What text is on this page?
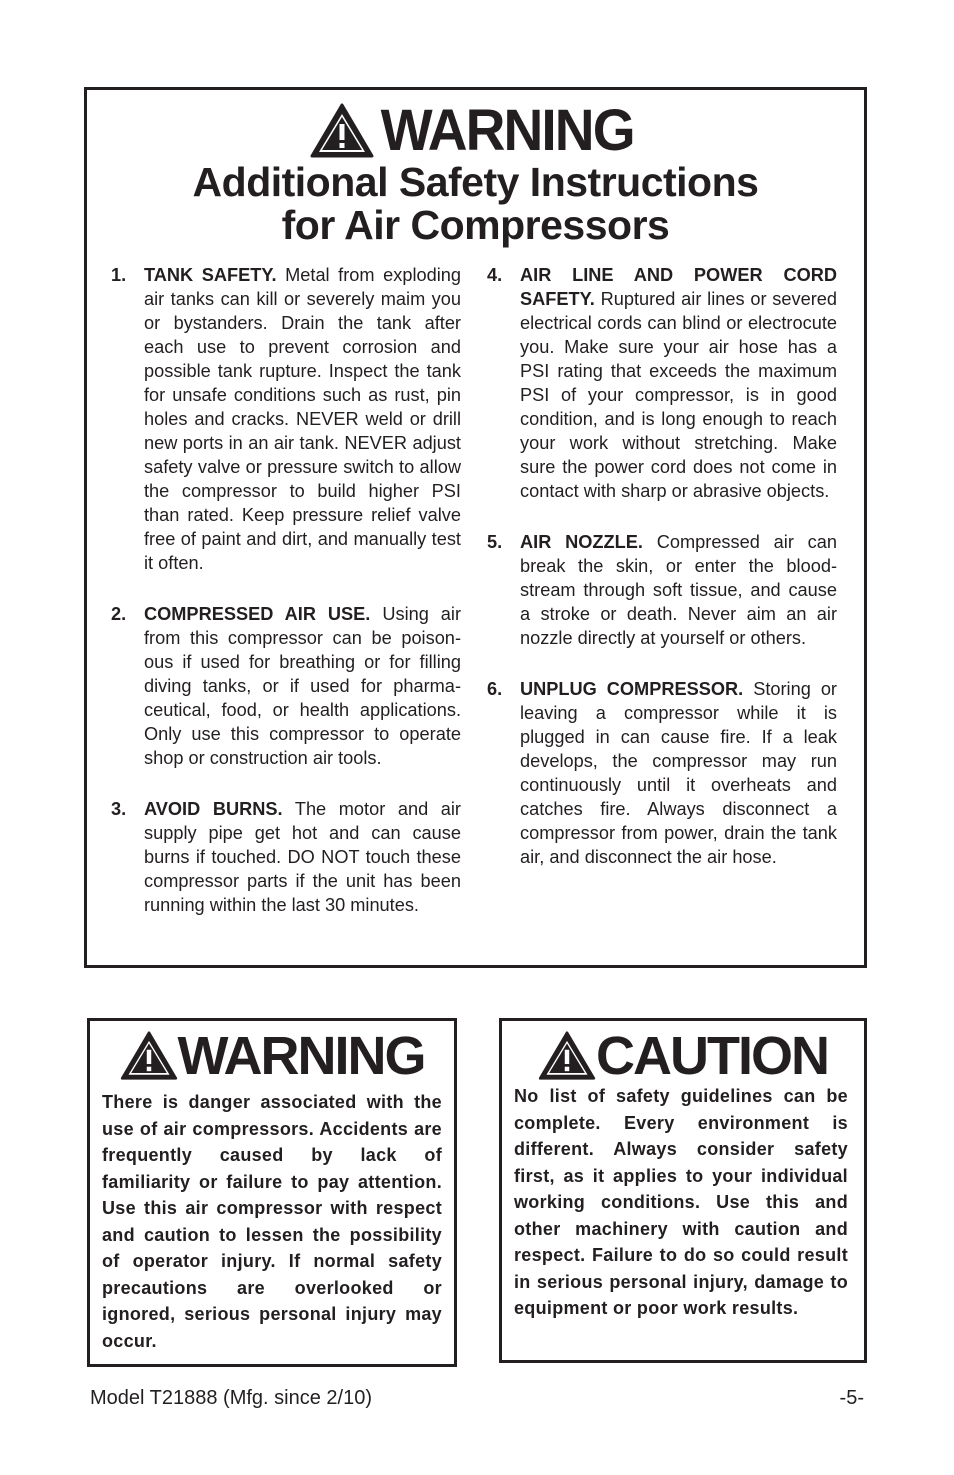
WARNING
Additional Safety Instructions
for Air Compressors
1. TANK SAFETY. Metal from exploding air tanks can kill or severely maim you or bystanders. Drain the tank after each use to prevent corrosion and possible tank rupture. Inspect the tank for unsafe conditions such as rust, pin holes and cracks. NEVER weld or drill new ports in an air tank. NEVER adjust safety valve or pressure switch to allow the compressor to build higher PSI than rated. Keep pressure relief valve free of paint and dirt, and manually test it often.
2. COMPRESSED AIR USE. Using air from this compressor can be poisonous if used for breathing or for filling diving tanks, or if used for pharmaceutical, food, or health applications. Only use this compressor to operate shop or construction air tools.
3. AVOID BURNS. The motor and air supply pipe get hot and can cause burns if touched. DO NOT touch these compressor parts if the unit has been running within the last 30 minutes.
4. AIR LINE AND POWER CORD SAFETY. Ruptured air lines or severed electrical cords can blind or electrocute you. Make sure your air hose has a PSI rating that exceeds the maximum PSI of your compressor, is in good condition, and is long enough to reach your work without stretching. Make sure the power cord does not come in contact with sharp or abrasive objects.
5. AIR NOZZLE. Compressed air can break the skin, or enter the bloodstream through soft tissue, and cause a stroke or death. Never aim an air nozzle directly at yourself or others.
6. UNPLUG COMPRESSOR. Storing or leaving a compressor while it is plugged in can cause fire. If a leak develops, the compressor may run continuously until it overheats and catches fire. Always disconnect a compressor from power, drain the tank air, and disconnect the air hose.
WARNING
There is danger associated with the use of air compressors. Accidents are frequently caused by lack of familiarity or failure to pay attention. Use this air compressor with respect and caution to lessen the possibility of operator injury. If normal safety precautions are overlooked or ignored, serious personal injury may occur.
CAUTION
No list of safety guidelines can be complete. Every environment is different. Always consider safety first, as it applies to your individual working conditions. Use this and other machinery with caution and respect. Failure to do so could result in serious personal injury, damage to equipment or poor work results.
Model T21888 (Mfg. since 2/10)	-5-
